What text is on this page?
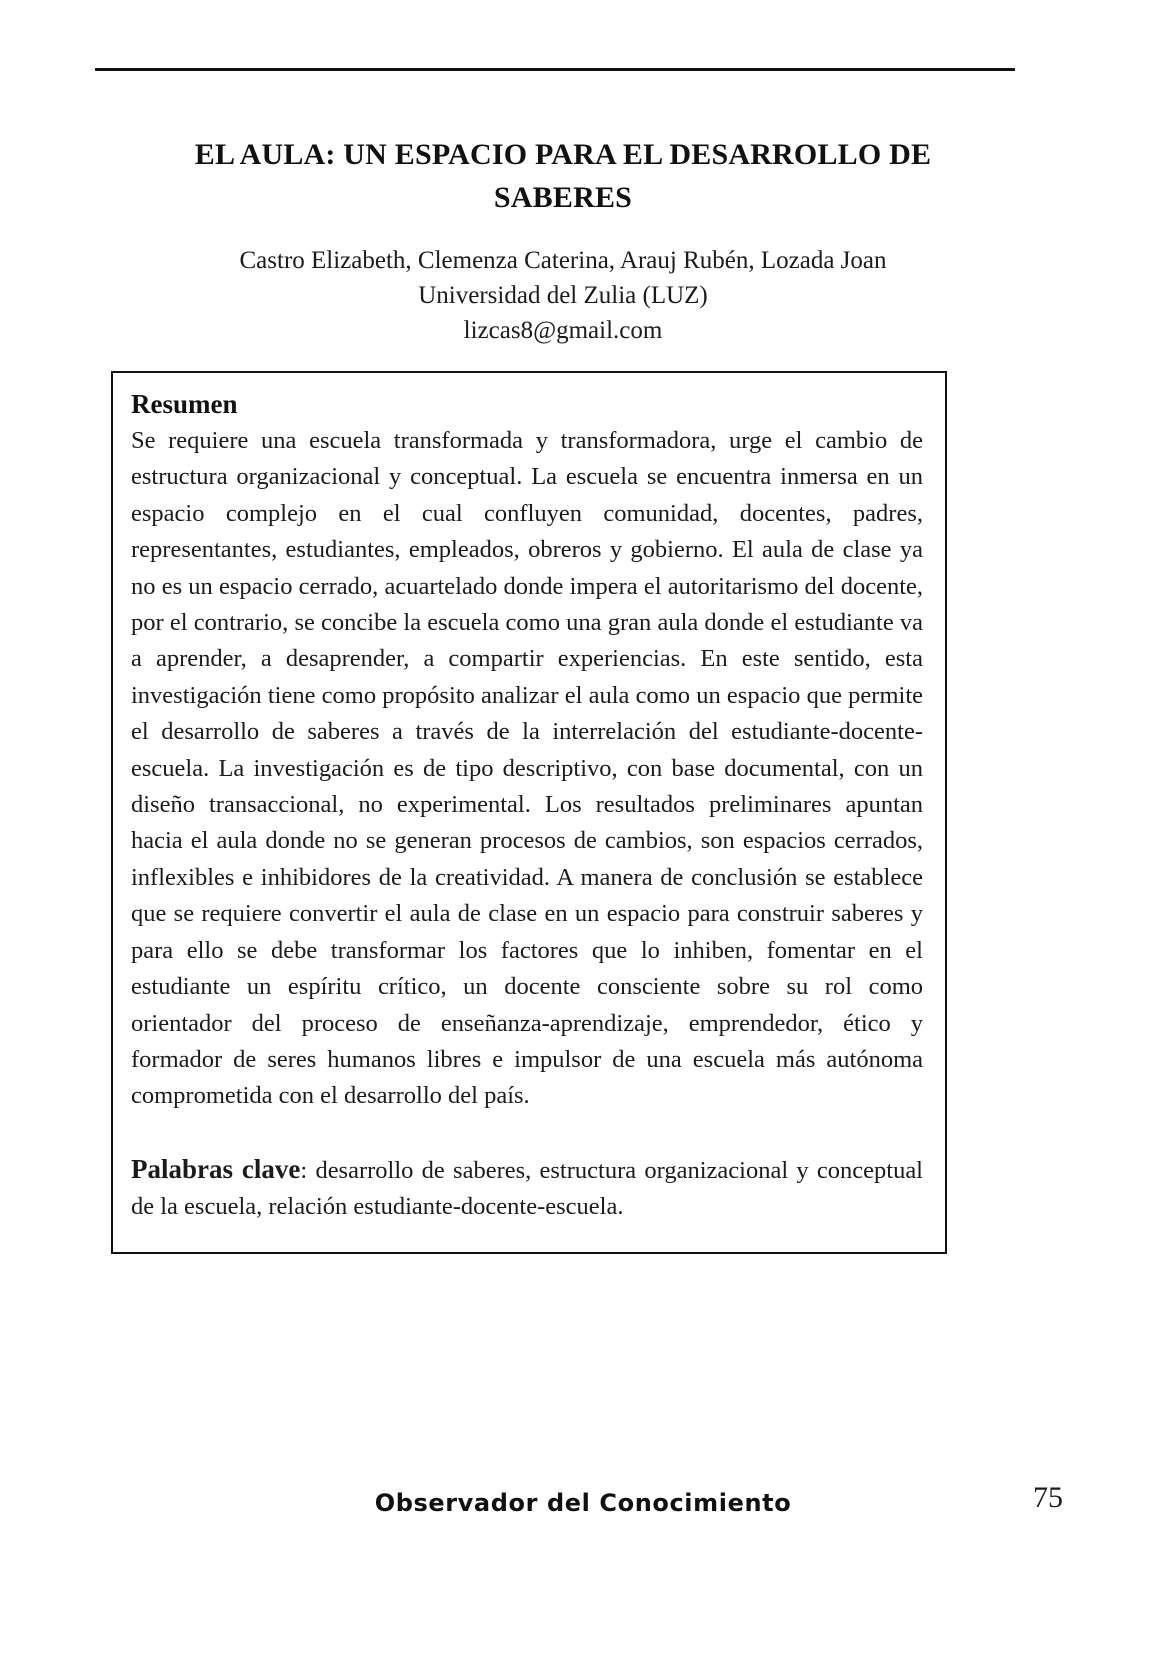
EL AULA: UN ESPACIO PARA EL DESARROLLO DE
SABERES
Castro Elizabeth, Clemenza Caterina, Arauj Rubén, Lozada Joan
Universidad del Zulia (LUZ)
lizcas8@gmail.com
Resumen

Se requiere una escuela transformada y transformadora, urge el cambio de estructura organizacional y conceptual. La escuela se encuentra inmersa en un espacio complejo en el cual confluyen comunidad, docentes, padres, representantes, estudiantes, empleados, obreros y gobierno. El aula de clase ya no es un espacio cerrado, acuartelado donde impera el autoritarismo del docente, por el contrario, se concibe la escuela como una gran aula donde el estudiante va a aprender, a desaprender, a compartir experiencias. En este sentido, esta investigación tiene como propósito analizar el aula como un espacio que permite el desarrollo de saberes a través de la interrelación del estudiante-docente-escuela. La investigación es de tipo descriptivo, con base documental, con un diseño transaccional, no experimental. Los resultados preliminares apuntan hacia el aula donde no se generan procesos de cambios, son espacios cerrados, inflexibles e inhibidores de la creatividad. A manera de conclusión se establece que se requiere convertir el aula de clase en un espacio para construir saberes y para ello se debe transformar los factores que lo inhiben, fomentar en el estudiante un espíritu crítico, un docente consciente sobre su rol como orientador del proceso de enseñanza-aprendizaje, emprendedor, ético y formador de seres humanos libres e impulsor de una escuela más autónoma comprometida con el desarrollo del país.

Palabras clave: desarrollo de saberes, estructura organizacional y conceptual de la escuela, relación estudiante-docente-escuela.

Observador del Conocimiento	75
